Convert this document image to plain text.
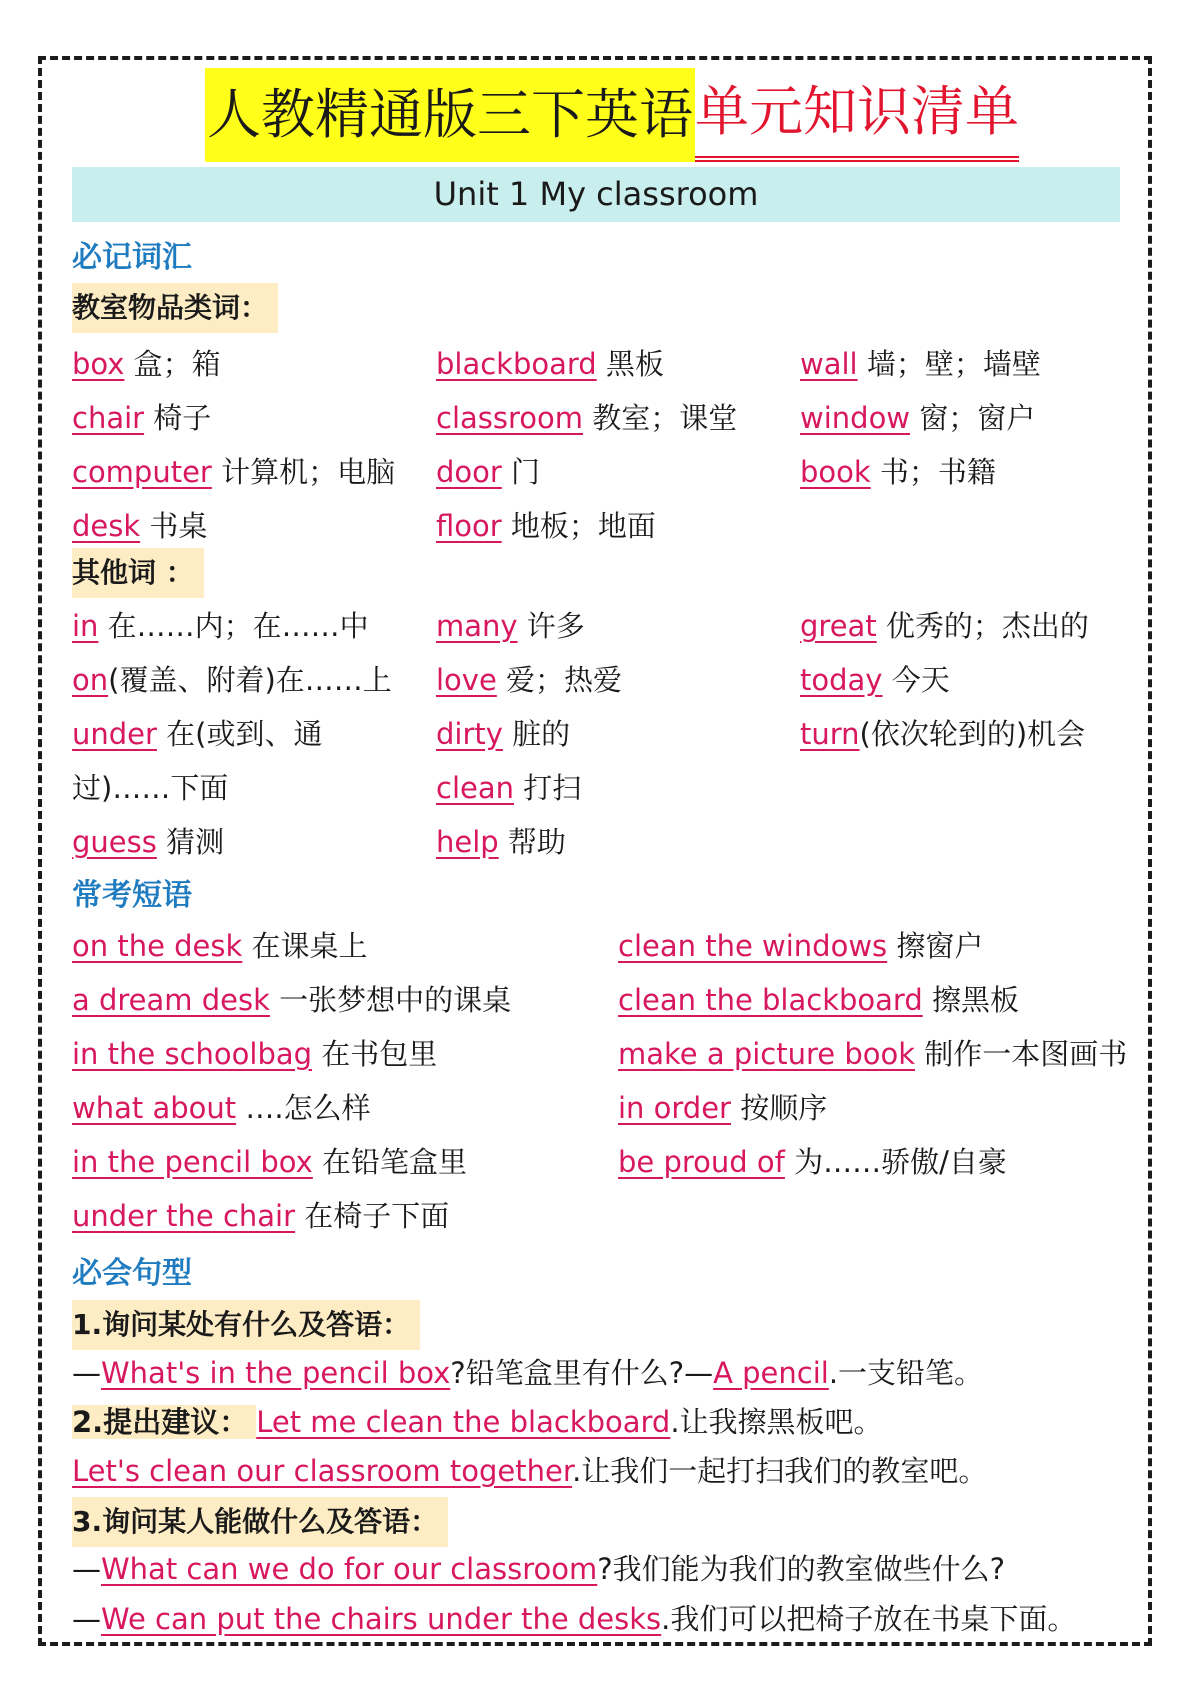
人教精通版三下英语 单元知识清单
Unit 1 My classroom
必记词汇
教室物品类词：
box 盒；箱
chair 椅子
computer 计算机；电脑
desk 书桌
blackboard 黑板
classroom 教室；课堂
door 门
floor 地板；地面
wall 墙；壁；墙壁
window 窗；窗户
book 书；书籍
其他词 ：
in 在……内；在……中
on(覆盖、附着)在……上
under 在(或到、通
过)……下面
guess 猜测
many 许多
love 爱；热爱
dirty 脏的
clean 打扫
help 帮助
great 优秀的；杰出的
today 今天
turn(依次轮到的)机会
常考短语
on the desk 在课桌上
a dream desk 一张梦想中的课桌
in the schoolbag 在书包里
what about ….怎么样
in the pencil box 在铅笔盒里
under the chair 在椅子下面
clean the windows 擦窗户
clean the blackboard 擦黑板
make a picture book 制作一本图画书
in order 按顺序
be proud of 为……骄傲/自豪
必会句型
1.询问某处有什么及答语：
—What's in the pencil box?铅笔盒里有什么?—A pencil.一支铅笔。
2.提出建议： Let me clean the blackboard.让我擦黑板吧。
Let's clean our classroom together.让我们一起打扫我们的教室吧。
3.询问某人能做什么及答语：
—What can we do for our classroom?我们能为我们的教室做些什么?
—We can put the chairs under the desks.我们可以把椅子放在书桌下面。
